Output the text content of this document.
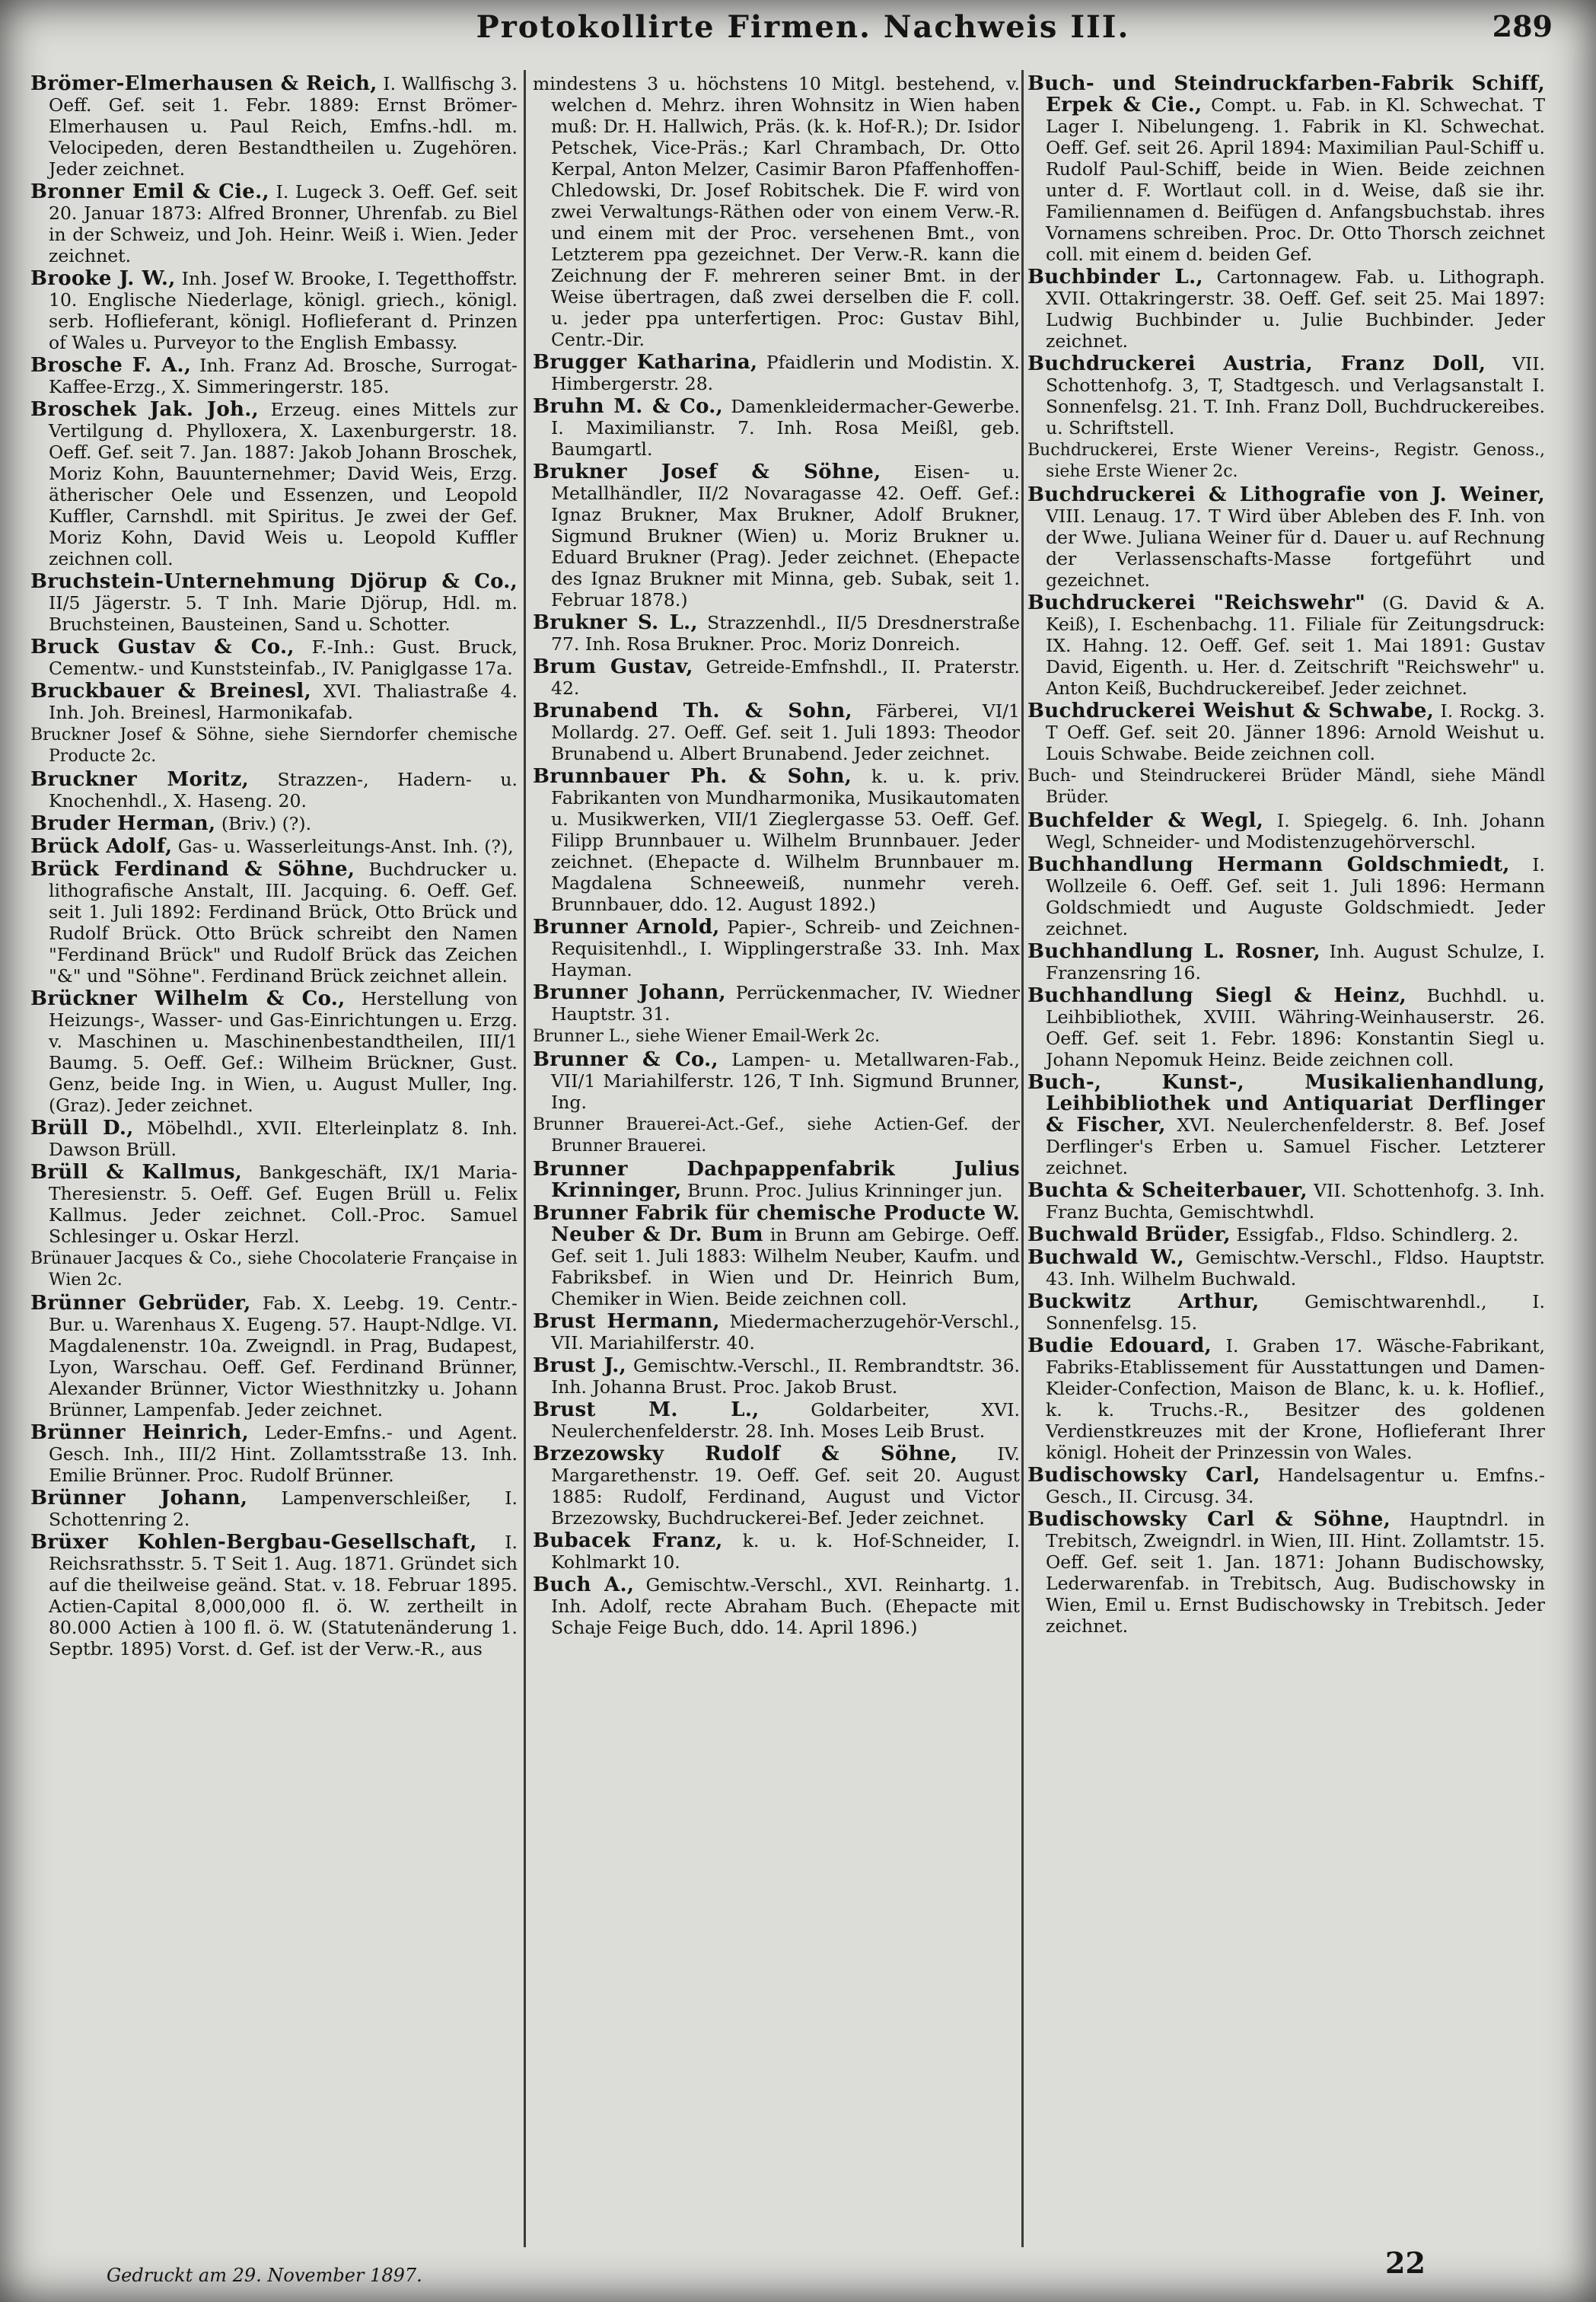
Protokollirte Firmen. Nachweis III.	289

Brömer-Elmerhausen & Reich, I. Wallfischg 3. Oeff. Gef. seit 1. Febr. 1889: Ernst Brömer-Elmerhausen u. Paul Reich, Emfns.-hdl. m. Velocipeden, deren Bestandtheilen u. Zugehören. Jeder zeichnet.

Bronner Emil & Cie., I. Lugeck 3. Oeff. Gef. seit 20. Januar 1873: Alfred Bronner, Uhrenfab. zu Biel in der Schweiz, und Joh. Heinr. Weiß i. Wien. Jeder zeichnet.

Brooke J. W., Inh. Josef W. Brooke, I. Tegetthoffstr. 10. Englische Niederlage, königl. griech., königl. serb. Hoflieferant, königl. Hoflieferant d. Prinzen of Wales u. Purveyor to the English Embassy.

Brosche F. A., Inh. Franz Ad. Brosche, Surrogat-Kaffee-Erzg., X. Simmeringerstr. 185.

Broschek Jak. Joh., Erzeug. eines Mittels zur Vertilgung d. Phylloxera, X. Laxenburgerstr. 18. Oeff. Gef. seit 7. Jan. 1887: Jakob Johann Broschek, Moriz Kohn, Bauunternehmer; David Weis, Erzg. ätherischer Oele und Essenzen, und Leopold Kuffler, Carnshdl. mit Spiritus. Je zwei der Gef. Moriz Kohn, David Weis u. Leopold Kuffler zeichnen coll.

Bruchstein-Unternehmung Djörup & Co., II/5 Jägerstr. 5. T Inh. Marie Djörup, Hdl. m. Bruchsteinen, Bausteinen, Sand u. Schotter.

Bruck Gustav & Co., F.-Inh.: Gust. Bruck, Cementw.- und Kunststeinfab., IV. Paniglgasse 17a.

Bruckbauer & Breinesl, XVI. Thaliastraße 4. Inh. Joh. Breinesl, Harmonikafab.

Bruckner Josef & Söhne, siehe Sierndorfer chemische Producte 2c.

Bruckner Moritz, Strazzen-, Hadern- u. Knochenhdl., X. Haseng. 20.

Bruder Herman, (Briv.) (?).

Brück Adolf, Gas- u. Wasserleitungs-Anst. Inh. (?),

Brück Ferdinand & Söhne, Buchdrucker u. lithografische Anstalt, III. Jacquing. 6. Oeff. Gef. seit 1. Juli 1892: Ferdinand Brück, Otto Brück und Rudolf Brück. Otto Brück schreibt den Namen "Ferdinand Brück" und Rudolf Brück das Zeichen "&" und "Söhne". Ferdinand Brück zeichnet allein.

Brückner Wilhelm & Co., Herstellung von Heizungs-, Wasser- und Gas-Einrichtungen u. Erzg. v. Maschinen u. Maschinenbestandtheilen, III/1 Baumg. 5. Oeff. Gef.: Wilheim Brückner, Gust. Genz, beide Ing. in Wien, u. August Muller, Ing. (Graz). Jeder zeichnet.

Brüll D., Möbelhdl., XVII. Elterleinplatz 8. Inh. Dawson Brüll.

Brüll & Kallmus, Bankgeschäft, IX/1 Maria-Theresienstr. 5. Oeff. Gef. Eugen Brüll u. Felix Kallmus. Jeder zeichnet. Coll.-Proc. Samuel Schlesinger u. Oskar Herzl.

Brünauer Jacques & Co., siehe Chocolaterie Française in Wien 2c.

Brünner Gebrüder, Fab. X. Leebg. 19. Centr.-Bur. u. Warenhaus X. Eugeng. 57. Haupt-Ndlge. VI. Magdalenenstr. 10a. Zweigndl. in Prag, Budapest, Lyon, Warschau. Oeff. Gef. Ferdinand Brünner, Alexander Brünner, Victor Wiesthnitzky u. Johann Brünner, Lampenfab. Jeder zeichnet.

Brünner Heinrich, Leder-Emfns.- und Agent. Gesch. Inh., III/2 Hint. Zollamtsstraße 13. Inh. Emilie Brünner. Proc. Rudolf Brünner.

Brünner Johann, Lampenverschleißer, I. Schottenring 2.

Brüxer Kohlen-Bergbau-Gesellschaft, I. Reichsrathsstr. 5. T Seit 1. Aug. 1871. Gründet sich auf die theilweise geänd. Stat. v. 18. Februar 1895. Actien-Capital 8,000,000 fl. ö. W. zertheilt in 80.000 Actien à 100 fl. ö. W. (Statutenänderung 1. Septbr. 1895) Vorst. d. Gef. ist der Verw.-R., aus

mindestens 3 u. höchstens 10 Mitgl. bestehend, v. welchen d. Mehrz. ihren Wohnsitz in Wien haben muß: Dr. H. Hallwich, Präs. (k. k. Hof-R.); Dr. Isidor Petschek, Vice-Präs.; Karl Chrambach, Dr. Otto Kerpal, Anton Melzer, Casimir Baron Pfaffenhoffen-Chledowski, Dr. Josef Robitschek. Die F. wird von zwei Verwaltungs-Räthen oder von einem Verw.-R. und einem mit der Proc. versehenen Bmt., von Letzterem ppa gezeichnet. Der Verw.-R. kann die Zeichnung der F. mehreren seiner Bmt. in der Weise übertragen, daß zwei derselben die F. coll. u. jeder ppa unterfertigen. Proc: Gustav Bihl, Centr.-Dir.

Brugger Katharina, Pfaidlerin und Modistin. X. Himbergerstr. 28.

Bruhn M. & Co., Damenkleidermacher-Gewerbe. I. Maximilianstr. 7. Inh. Rosa Meißl, geb. Baumgartl.

Brukner Josef & Söhne, Eisen- u. Metallhändler, II/2 Novaragasse 42. Oeff. Gef.: Ignaz Brukner, Max Brukner, Adolf Brukner, Sigmund Brukner (Wien) u. Moriz Brukner u. Eduard Brukner (Prag). Jeder zeichnet. (Ehepacte des Ignaz Brukner mit Minna, geb. Subak, seit 1. Februar 1878.)

Brukner S. L., Strazzenhdl., II/5 Dresdnerstraße 77. Inh. Rosa Brukner. Proc. Moriz Donreich.

Brum Gustav, Getreide-Emfnshdl., II. Praterstr. 42.

Brunabend Th. & Sohn, Färberei, VI/1 Mollardg. 27. Oeff. Gef. seit 1. Juli 1893: Theodor Brunabend u. Albert Brunabend. Jeder zeichnet.

Brunnbauer Ph. & Sohn, k. u. k. priv. Fabrikanten von Mundharmonika, Musikautomaten u. Musikwerken, VII/1 Zieglergasse 53. Oeff. Gef. Filipp Brunnbauer u. Wilhelm Brunnbauer. Jeder zeichnet. (Ehepacte d. Wilhelm Brunnbauer m. Magdalena Schneeweiß, nunmehr vereh. Brunnbauer, ddo. 12. August 1892.)

Brunner Arnold, Papier-, Schreib- und Zeichnen-Requisitenhdl., I. Wipplingerstraße 33. Inh. Max Hayman.

Brunner Johann, Perrückenmacher, IV. Wiedner Hauptstr. 31.

Brunner L., siehe Wiener Email-Werk 2c.

Brunner & Co., Lampen- u. Metallwaren-Fab., VII/1 Mariahilferstr. 126, T Inh. Sigmund Brunner, Ing.

Brunner Brauerei-Act.-Gef., siehe Actien-Gef. der Brunner Brauerei.

Brunner Dachpappenfabrik Julius Krinninger, Brunn. Proc. Julius Krinninger jun.

Brunner Fabrik für chemische Producte W. Neuber & Dr. Bum in Brunn am Gebirge. Oeff. Gef. seit 1. Juli 1883: Wilhelm Neuber, Kaufm. und Fabriksbef. in Wien und Dr. Heinrich Bum, Chemiker in Wien. Beide zeichnen coll.

Brust Hermann, Miedermacherzugehör-Verschl., VII. Mariahilferstr. 40.

Brust J., Gemischtw.-Verschl., II. Rembrandtstr. 36. Inh. Johanna Brust. Proc. Jakob Brust.

Brust M. L., Goldarbeiter, XVI. Neulerchenfelderstr. 28. Inh. Moses Leib Brust.

Brzezowsky Rudolf & Söhne, IV. Margarethenstr. 19. Oeff. Gef. seit 20. August 1885: Rudolf, Ferdinand, August und Victor Brzezowsky, Buchdruckerei-Bef. Jeder zeichnet.

Bubacek Franz, k. u. k. Hof-Schneider, I. Kohlmarkt 10.

Buch A., Gemischtw.-Verschl., XVI. Reinhartg. 1. Inh. Adolf, recte Abraham Buch. (Ehepacte mit Schaje Feige Buch, ddo. 14. April 1896.)

Buch- und Steindruckfarben-Fabrik Schiff, Erpek & Cie., Compt. u. Fab. in Kl. Schwechat. T Lager I. Nibelungeng. 1. Fabrik in Kl. Schwechat. Oeff. Gef. seit 26. April 1894: Maximilian Paul-Schiff u. Rudolf Paul-Schiff, beide in Wien. Beide zeichnen unter d. F. Wortlaut coll. in d. Weise, daß sie ihr. Familiennamen d. Beifügen d. Anfangsbuchstab. ihres Vornamens schreiben. Proc. Dr. Otto Thorsch zeichnet coll. mit einem d. beiden Gef.

Buchbinder L., Cartonnagew. Fab. u. Lithograph. XVII. Ottakringerstr. 38. Oeff. Gef. seit 25. Mai 1897: Ludwig Buchbinder u. Julie Buchbinder. Jeder zeichnet.

Buchdruckerei Austria, Franz Doll, VII. Schottenhofg. 3, T, Stadtgesch. und Verlagsanstalt I. Sonnenfelsg. 21. T. Inh. Franz Doll, Buchdruckereibes. u. Schriftstell.

Buchdruckerei, Erste Wiener Vereins-, Registr. Genoss., siehe Erste Wiener 2c.

Buchdruckerei & Lithografie von J. Weiner, VIII. Lenaug. 17. T Wird über Ableben des F. Inh. von der Wwe. Juliana Weiner für d. Dauer u. auf Rechnung der Verlassenschafts-Masse fortgeführt und gezeichnet.

Buchdruckerei "Reichswehr" (G. David & A. Keiß), I. Eschenbachg. 11. Filiale für Zeitungsdruck: IX. Hahng. 12. Oeff. Gef. seit 1. Mai 1891: Gustav David, Eigenth. u. Her. d. Zeitschrift "Reichswehr" u. Anton Keiß, Buchdruckereibef. Jeder zeichnet.

Buchdruckerei Weishut & Schwabe, I. Rockg. 3. T Oeff. Gef. seit 20. Jänner 1896: Arnold Weishut u. Louis Schwabe. Beide zeichnen coll.

Buch- und Steindruckerei Brüder Mändl, siehe Mändl Brüder.

Buchfelder & Wegl, I. Spiegelg. 6. Inh. Johann Wegl, Schneider- und Modistenzugehörverschl.

Buchhandlung Hermann Goldschmiedt, I. Wollzeile 6. Oeff. Gef. seit 1. Juli 1896: Hermann Goldschmiedt und Auguste Goldschmiedt. Jeder zeichnet.

Buchhandlung L. Rosner, Inh. August Schulze, I. Franzensring 16.

Buchhandlung Siegl & Heinz, Buchhdl. u. Leihbibliothek, XVIII. Währing-Weinhauserstr. 26. Oeff. Gef. seit 1. Febr. 1896: Konstantin Siegl u. Johann Nepomuk Heinz. Beide zeichnen coll.

Buch-, Kunst-, Musikalienhandlung, Leihbibliothek und Antiquariat Derflinger & Fischer, XVI. Neulerchenfelderstr. 8. Bef. Josef Derflinger's Erben u. Samuel Fischer. Letzterer zeichnet.

Buchta & Scheiterbauer, VII. Schottenhofg. 3. Inh. Franz Buchta, Gemischtwhdl.

Buchwald Brüder, Essigfab., Fldso. Schindlerg. 2.

Buchwald W., Gemischtw.-Verschl., Fldso. Hauptstr. 43. Inh. Wilhelm Buchwald.

Buckwitz Arthur, Gemischtwarenhdl., I. Sonnenfelsg. 15.

Budie Edouard, I. Graben 17. Wäsche-Fabrikant, Fabriks-Etablissement für Ausstattungen und Damen-Kleider-Confection, Maison de Blanc, k. u. k. Hoflief., k. k. Truchs.-R., Besitzer des goldenen Verdienstkreuzes mit der Krone, Hoflieferant Ihrer königl. Hoheit der Prinzessin von Wales.

Budischowsky Carl, Handelsagentur u. Emfns.-Gesch., II. Circusg. 34.

Budischowsky Carl & Söhne, Hauptndrl. in Trebitsch, Zweigndrl. in Wien, III. Hint. Zollamtstr. 15. Oeff. Gef. seit 1. Jan. 1871: Johann Budischowsky, Lederwarenfab. in Trebitsch, Aug. Budischowsky in Wien, Emil u. Ernst Budischowsky in Trebitsch. Jeder zeichnet.

Gedruckt am 29. November 1897.	22
